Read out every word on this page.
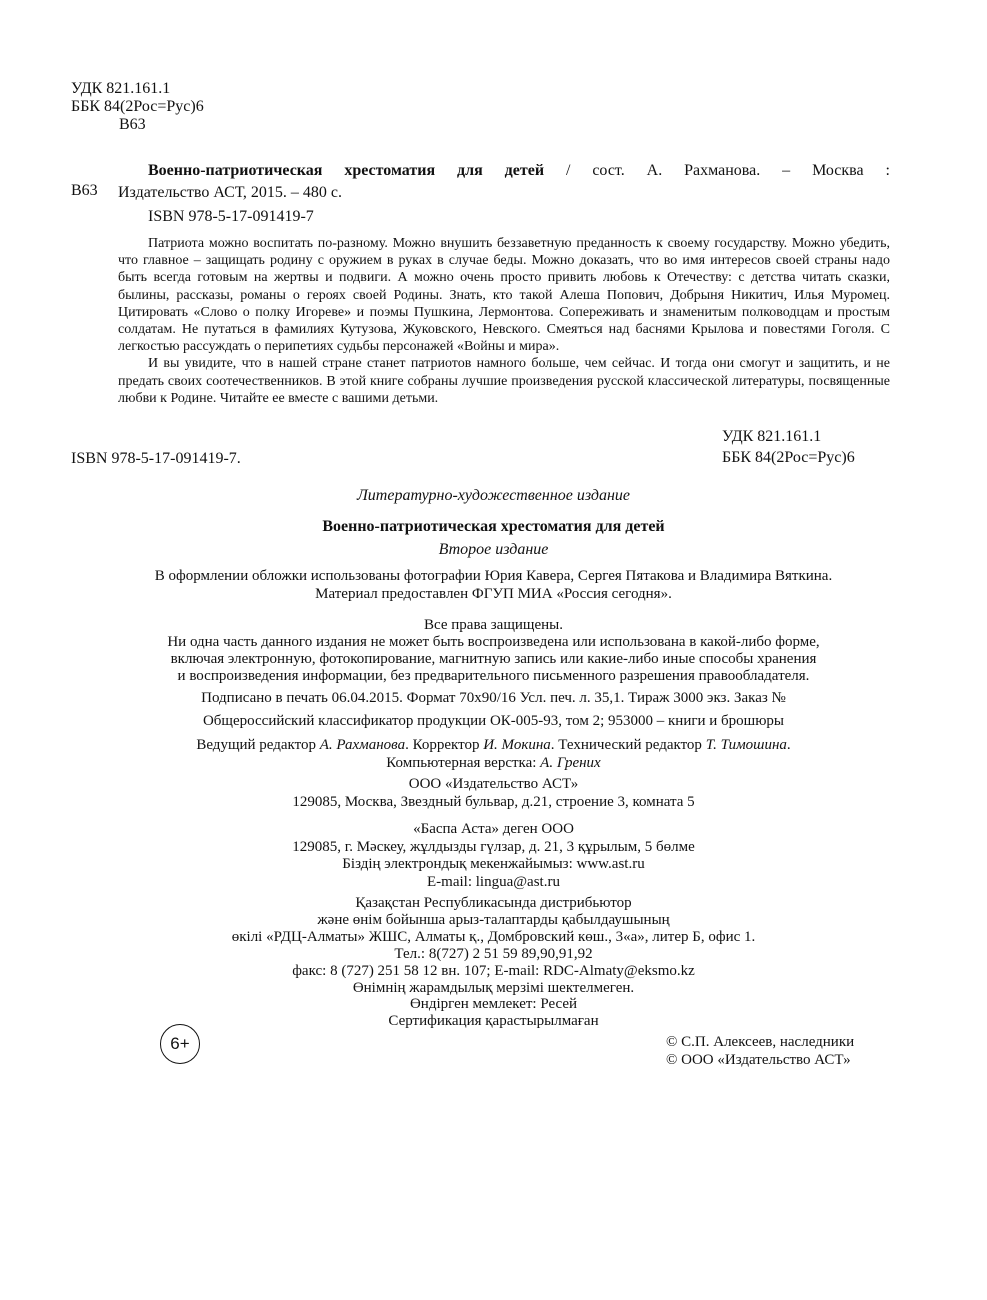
УДК 821.161.1
ББК 84(2Рос=Рус)6
В63
В63
Военно-патриотическая хрестоматия для детей / сост. А. Рахманова. – Москва :
Издательство АСТ, 2015. – 480 с.
ISBN 978-5-17-091419-7
Патриота можно воспитать по-разному. Можно внушить беззаветную преданность к своему государству. Можно убедить, что главное – защищать родину с оружием в руках в случае беды. Можно доказать, что во имя интересов своей страны надо быть всегда готовым на жертвы и подвиги. А можно очень просто привить любовь к Отечеству: с детства читать сказки, былины, рассказы, романы о героях своей Родины. Знать, кто такой Алеша Попович, Добрыня Никитич, Илья Муромец. Цитировать «Слово о полку Игореве» и поэмы Пушкина, Лермонтова. Сопереживать и знаменитым полководцам и простым солдатам. Не путаться в фамилиях Кутузова, Жуковского, Невского. Смеяться над баснями Крылова и повестями Гоголя. С легкостью рассуждать о перипетиях судьбы персонажей «Войны и мира».
И вы увидите, что в нашей стране станет патриотов намного больше, чем сейчас. И тогда они смогут и защитить, и не предать своих соотечественников. В этой книге собраны лучшие произведения русской классической литературы, посвященные любви к Родине. Читайте ее вместе с вашими детьми.
ISBN 978-5-17-091419-7.
УДК 821.161.1
ББК 84(2Рос=Рус)6
Литературно-художественное издание
Военно-патриотическая хрестоматия для детей
Второе издание
В оформлении обложки использованы фотографии Юрия Кавера, Сергея Пятакова и Владимира Вяткина.
Материал предоставлен ФГУП МИА «Россия сегодня».
Все права защищены.
Ни одна часть данного издания не может быть воспроизведена или использована в какой-либо форме,
включая электронную, фотокопирование, магнитную запись или какие-либо иные способы хранения
и воспроизведения информации, без предварительного письменного разрешения правообладателя.
Подписано в печать 06.04.2015. Формат 70x90/16 Усл. печ. л. 35,1. Тираж 3000 экз. Заказ №
Общероссийский классификатор продукции ОК-005-93, том 2; 953000 – книги и брошюры
Ведущий редактор А. Рахманова. Корректор И. Мокина. Технический редактор Т. Тимошина.
Компьютерная верстка: А. Грених
ООО «Издательство АСТ»
129085, Москва, Звездный бульвар, д.21, строение 3, комната 5
«Баспа Аста» деген ООО
129085, г. Мәскеу, жұлдызды гүлзар, д. 21, 3 құрылым, 5 бөлме
Біздің электрондық мекенжайымыз: www.ast.ru
E-mail: lingua@ast.ru
Қазақстан Республикасында дистрибьютор
және өнім бойынша арыз-талаптарды қабылдаушының
өкілі «РДЦ-Алматы» ЖШС, Алматы қ., Домбровский көш., 3«а», литер Б, офис 1.
Тел.: 8(727) 2 51 59 89,90,91,92
факс: 8 (727) 251 58 12 вн. 107; E-mail: RDC-Almaty@eksmo.kz
Өнімнің жарамдылық мерзімі шектелмеген.
Өндірген мемлекет: Ресей
Сертификация қарастырылмаған
6+	© С.П. Алексеев, наследники
© ООО «Издательство АСТ»
